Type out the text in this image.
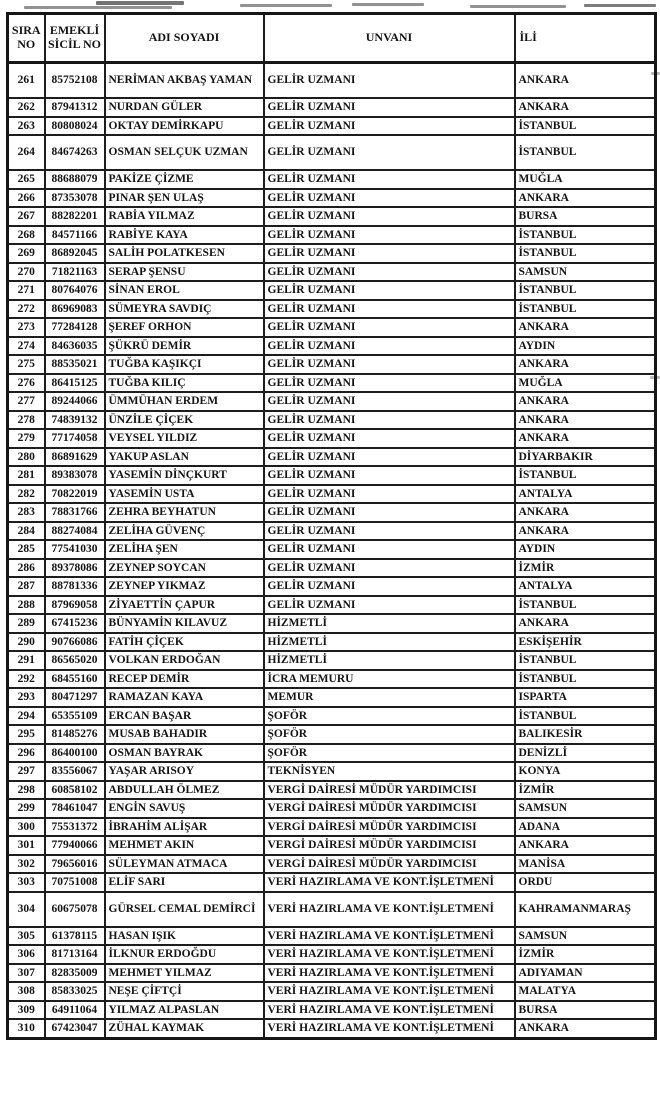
SIRA NO	EMEKLİ SİCİL NO	ADI SOYADI	UNVANI	İLİ
261	85752108	NERİMAN AKBAŞ YAMAN	GELİR UZMANI	ANKARA
262	87941312	NURDAN GÜLER	GELİR UZMANI	ANKARA
263	80808024	OKTAY DEMİRKAPU	GELİR UZMANI	İSTANBUL
264	84674263	OSMAN SELÇUK UZMAN	GELİR UZMANI	İSTANBUL
265	88688079	PAKİZE ÇİZME	GELİR UZMANI	MUĞLA
266	87353078	PINAR ŞEN ULAŞ	GELİR UZMANI	ANKARA
267	88282201	RABİA YILMAZ	GELİR UZMANI	BURSA
268	84571166	RABİYE KAYA	GELİR UZMANI	İSTANBUL
269	86892045	SALİH POLATKESEN	GELİR UZMANI	İSTANBUL
270	71821163	SERAP ŞENSU	GELİR UZMANI	SAMSUN
271	80764076	SİNAN EROL	GELİR UZMANI	İSTANBUL
272	86969083	SÜMEYRA SAVDIÇ	GELİR UZMANI	İSTANBUL
273	77284128	ŞEREF ORHON	GELİR UZMANI	ANKARA
274	84636035	ŞÜKRÜ DEMİR	GELİR UZMANI	AYDIN
275	88535021	TUĞBA KAŞIKÇI	GELİR UZMANI	ANKARA
276	86415125	TUĞBA KILIÇ	GELİR UZMANI	MUĞLA
277	89244066	ÜMMÜHAN ERDEM	GELİR UZMANI	ANKARA
278	74839132	ÜNZİLE ÇİÇEK	GELİR UZMANI	ANKARA
279	77174058	VEYSEL YILDIZ	GELİR UZMANI	ANKARA
280	86891629	YAKUP ASLAN	GELİR UZMANI	DİYARBAKIR
281	89383078	YASEMİN DİNÇKURT	GELİR UZMANI	İSTANBUL
282	70822019	YASEMİN USTA	GELİR UZMANI	ANTALYA
283	78831766	ZEHRA BEYHATUN	GELİR UZMANI	ANKARA
284	88274084	ZELİHA GÜVENÇ	GELİR UZMANI	ANKARA
285	77541030	ZELİHA ŞEN	GELİR UZMANI	AYDIN
286	89378086	ZEYNEP SOYCAN	GELİR UZMANI	İZMİR
287	88781336	ZEYNEP YIKMAZ	GELİR UZMANI	ANTALYA
288	87969058	ZİYAETTİN ÇAPUR	GELİR UZMANI	İSTANBUL
289	67415236	BÜNYAMİN KILAVUZ	HİZMETLİ	ANKARA
290	90766086	FATİH ÇİÇEK	HİZMETLİ	ESKİŞEHİR
291	86565020	VOLKAN ERDOĞAN	HİZMETLİ	İSTANBUL
292	68455160	RECEP DEMİR	İCRA MEMURU	İSTANBUL
293	80471297	RAMAZAN KAYA	MEMUR	ISPARTA
294	65355109	ERCAN BAŞAR	ŞOFÖR	İSTANBUL
295	81485276	MUSAB BAHADIR	ŞOFÖR	BALIKESİR
296	86400100	OSMAN BAYRAK	ŞOFÖR	DENİZLİ
297	83556067	YAŞAR ARISOY	TEKNİSYEN	KONYA
298	60858102	ABDULLAH ÖLMEZ	VERGİ DAİRESİ MÜDÜR YARDIMCISI	İZMİR
299	78461047	ENGİN SAVUŞ	VERGİ DAİRESİ MÜDÜR YARDIMCISI	SAMSUN
300	75531372	İBRAHİM ALİŞAR	VERGİ DAİRESİ MÜDÜR YARDIMCISI	ADANA
301	77940066	MEHMET AKIN	VERGİ DAİRESİ MÜDÜR YARDIMCISI	ANKARA
302	79656016	SÜLEYMAN ATMACA	VERGİ DAİRESİ MÜDÜR YARDIMCISI	MANİSA
303	70751008	ELİF SARI	VERİ HAZIRLAMA VE KONT.İŞLETMENİ	ORDU
304	60675078	GÜRSEL CEMAL DEMİRCİ	VERİ HAZIRLAMA VE KONT.İŞLETMENİ	KAHRAMANMARAŞ
305	61378115	HASAN IŞIK	VERİ HAZIRLAMA VE KONT.İŞLETMENİ	SAMSUN
306	81713164	İLKNUR ERDOĞDU	VERİ HAZIRLAMA VE KONT.İŞLETMENİ	İZMİR
307	82835009	MEHMET YILMAZ	VERİ HAZIRLAMA VE KONT.İŞLETMENİ	ADIYAMAN
308	85833025	NEŞE ÇİFTÇİ	VERİ HAZIRLAMA VE KONT.İŞLETMENİ	MALATYA
309	64911064	YILMAZ ALPASLAN	VERİ HAZIRLAMA VE KONT.İŞLETMENİ	BURSA
310	67423047	ZÜHAL KAYMAK	VERİ HAZIRLAMA VE KONT.İŞLETMENİ	ANKARA
